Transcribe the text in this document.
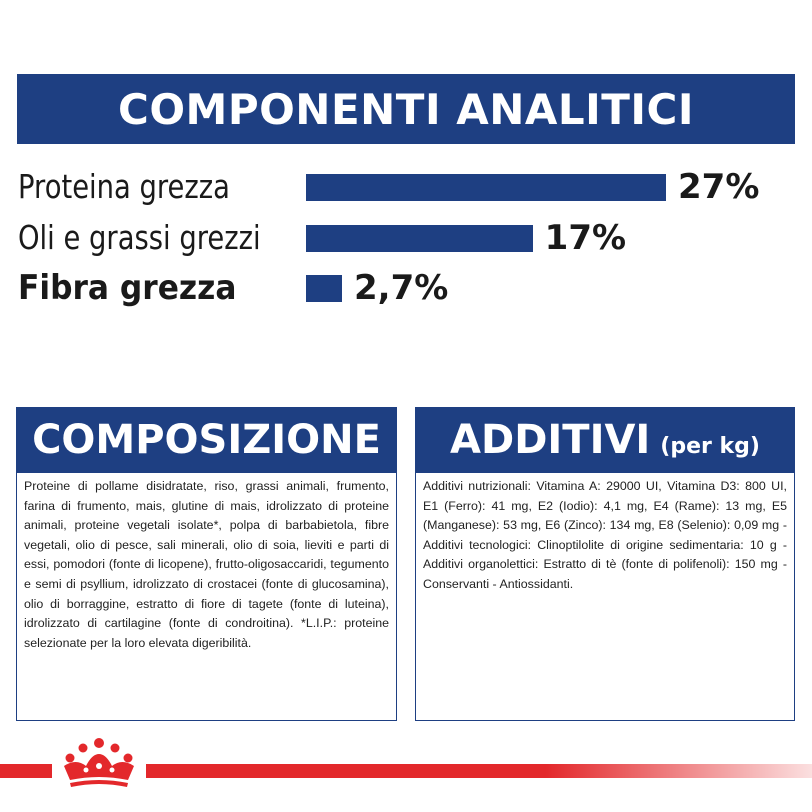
COMPONENTI ANALITICI
Proteina grezza	27%
Oli e grassi grezzi	17%
Fibra grezza	2,7%
COMPOSIZIONE
Proteine di pollame disidratate, riso, grassi animali, frumento, farina di frumento, mais, glutine di mais, idrolizzato di proteine animali, proteine vegetali isolate*, polpa di barbabietola, fibre vegetali, olio di pesce, sali minerali, olio di soia, lieviti e parti di essi, pomodori (fonte di licopene), frutto-oligosaccaridi, tegumento e semi di psyllium, idrolizzato di crostacei (fonte di glucosamina), olio di borraggine, estratto di fiore di tagete (fonte di luteina), idrolizzato di cartilagine (fonte di condroitina). *L.I.P.: proteine selezionate per la loro elevata digeribilità.
ADDITIVI (per kg)
Additivi nutrizionali: Vitamina A: 29000 UI, Vitamina D3: 800 UI, E1 (Ferro): 41 mg, E2 (Iodio): 4,1 mg, E4 (Rame): 13 mg, E5 (Manganese): 53 mg, E6 (Zinco): 134 mg, E8 (Selenio): 0,09 mg - Additivi tecnologici: Clinoptilolite di origine sedimentaria: 10 g - Additivi organolettici: Estratto di tè (fonte di polifenoli): 150 mg - Conservanti - Antiossidanti.
